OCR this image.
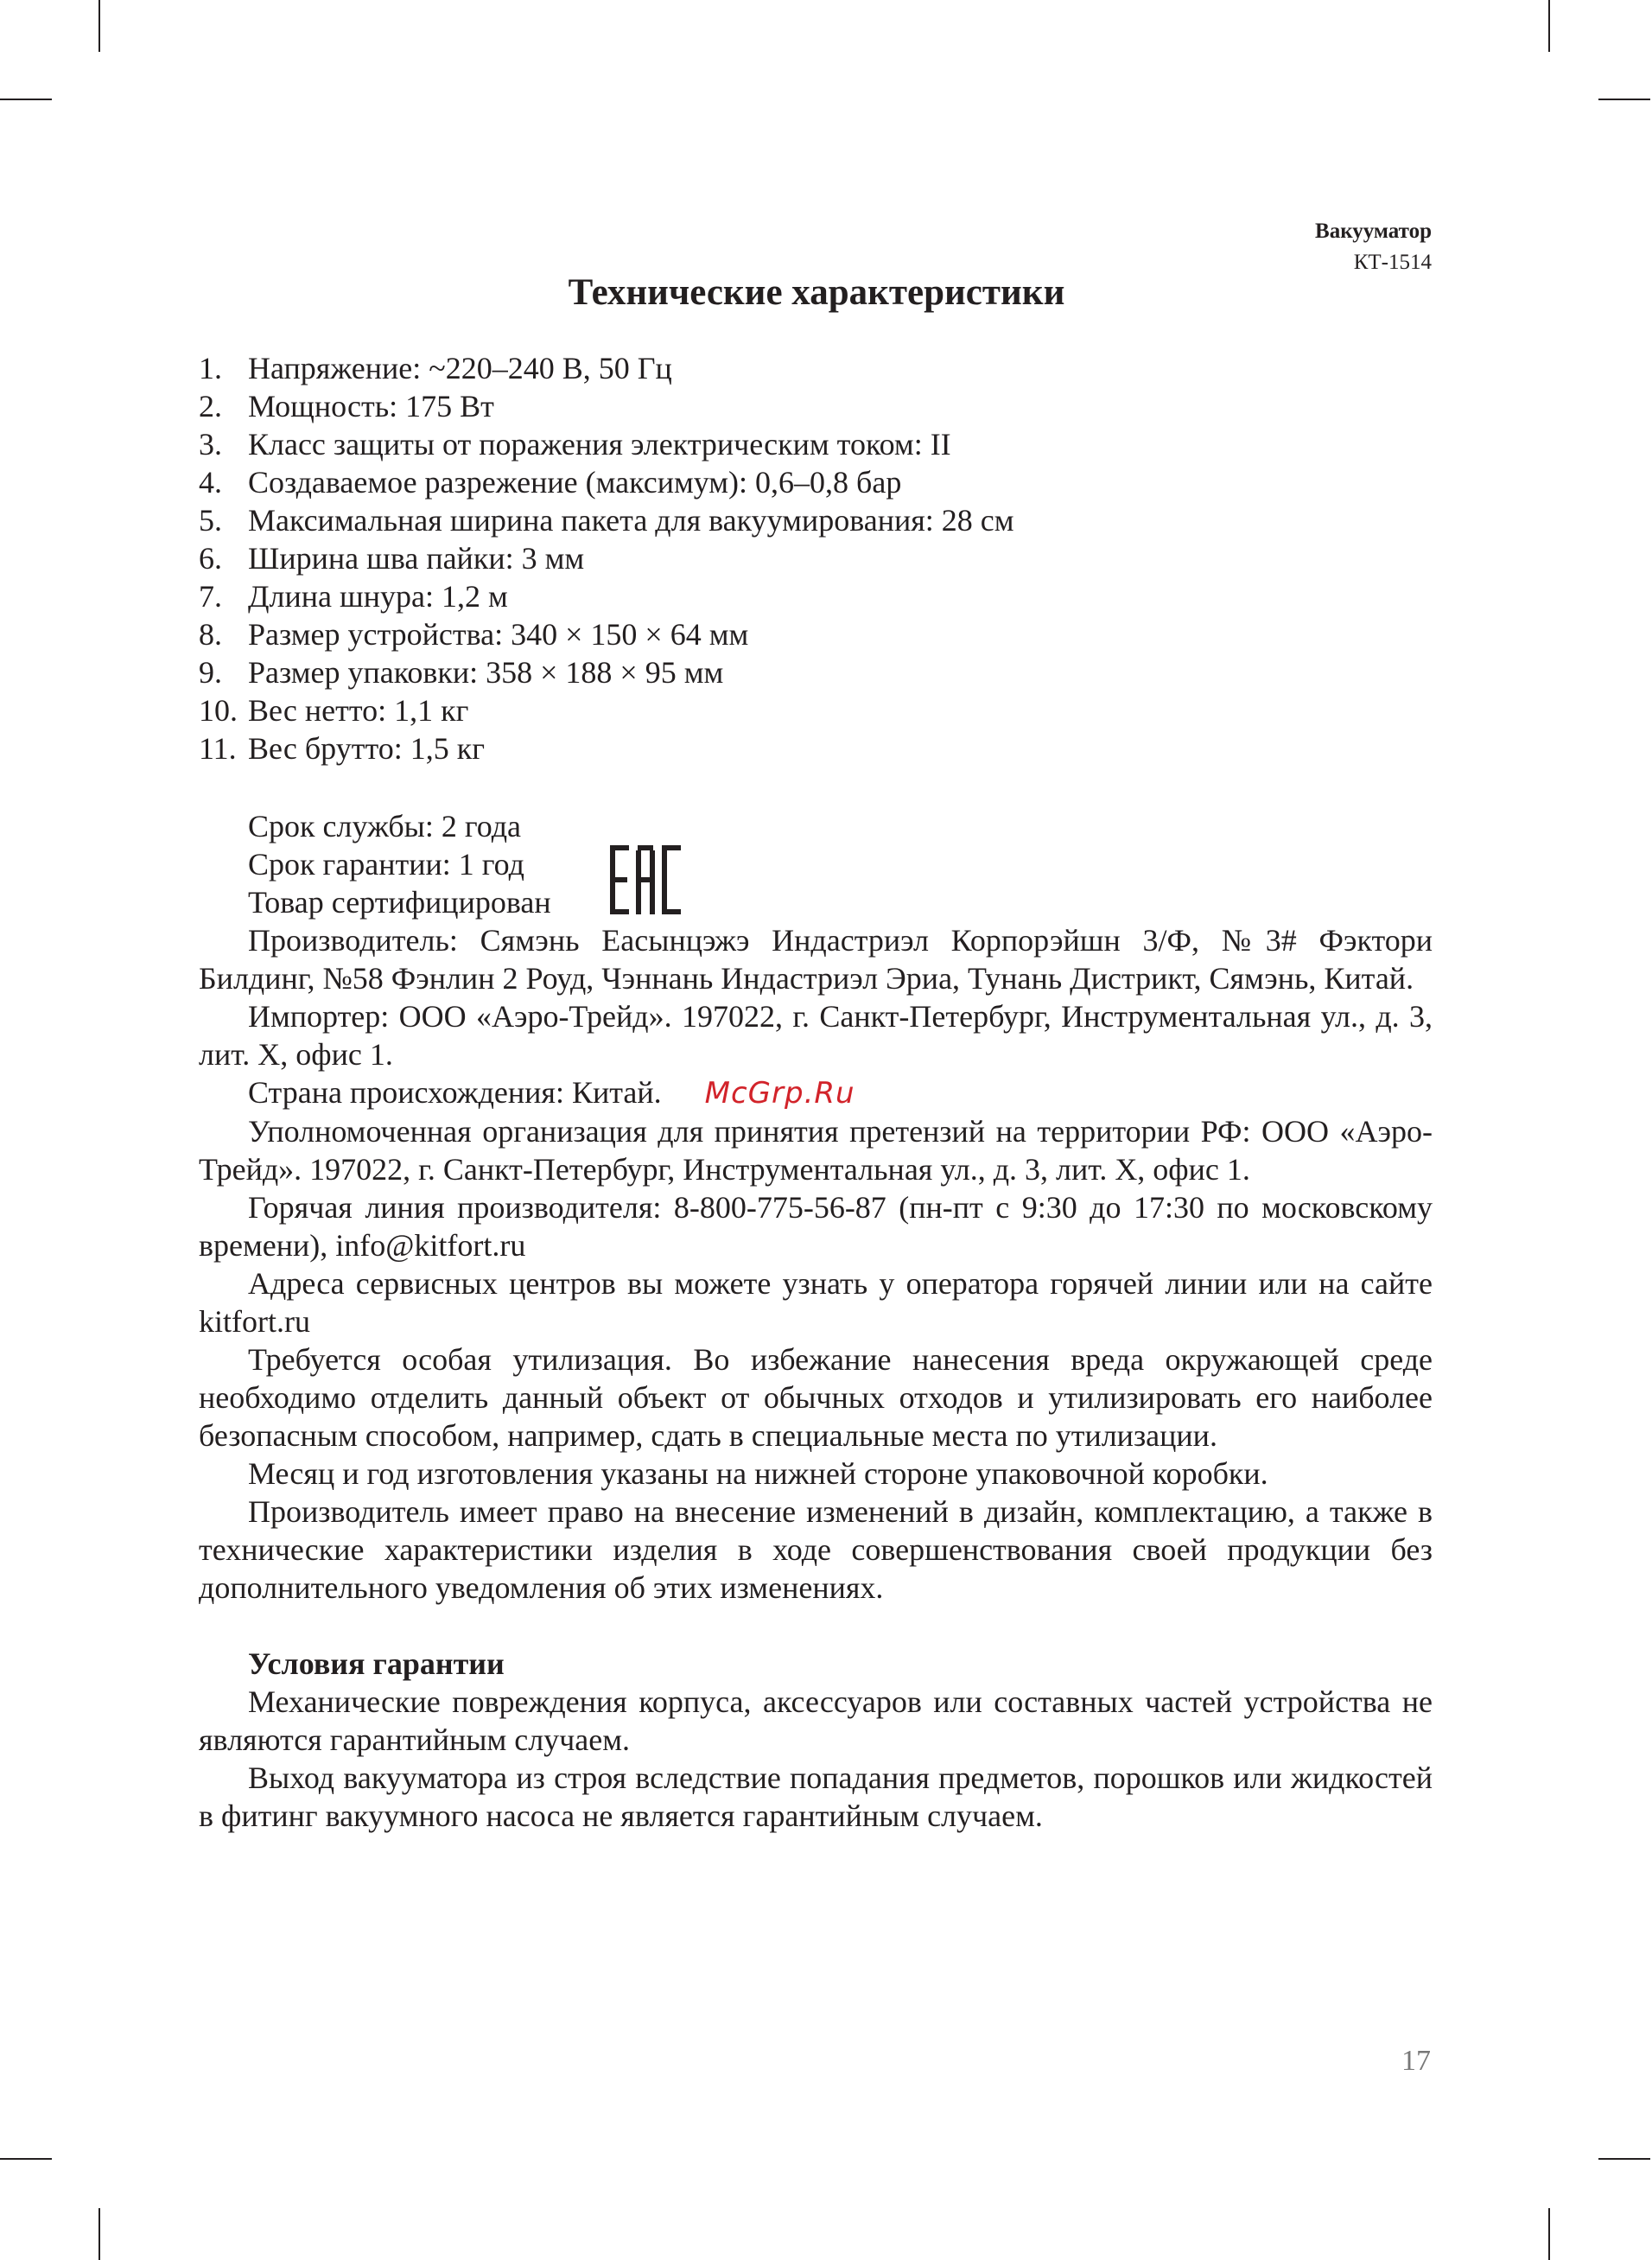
Вакууматор
КТ-1514
Технические характеристики
1. Напряжение: ~220–240 В, 50 Гц
2. Мощность: 175 Вт
3. Класс защиты от поражения электрическим током: II
4. Создаваемое разрежение (максимум): 0,6–0,8 бар
5. Максимальная ширина пакета для вакуумирования: 28 см
6. Ширина шва пайки: 3 мм
7. Длина шнура: 1,2 м
8. Размер устройства: 340 × 150 × 64 мм
9. Размер упаковки: 358 × 188 × 95 мм
10. Вес нетто: 1,1 кг
11. Вес брутто: 1,5 кг

Срок службы: 2 года

Срок гарантии: 1 год

Товар сертифицирован

Производитель: Сямэнь Еасынцэжэ Индастриэл Корпорэйшн 3/Ф, №3# Фэктори Билдинг, №58 Фэнлин 2 Роуд, Чэннань Индастриэл Эриа, Тунань Дистрикт, Сямэнь, Китай.

Импортер: ООО «Аэро-Трейд». 197022, г. Санкт-Петербург, Инструментальная ул., д. 3, лит. Х, офис 1.

Страна происхождения: Китай. McGrp.Ru

Уполномоченная организация для принятия претензий на территории РФ: ООО «Аэро-Трейд». 197022, г. Санкт-Петербург, Инструментальная ул., д. 3, лит. Х, офис 1.

Горячая линия производителя: 8-800-775-56-87 (пн-пт с 9:30 до 17:30 по московскому времени), info@kitfort.ru

Адреса сервисных центров вы можете узнать у оператора горячей линии или на сайте kitfort.ru

Требуется особая утилизация. Во избежание нанесения вреда окружающей среде необходимо отделить данный объект от обычных отходов и утилизировать его наиболее безопасным способом, например, сдать в специальные места по утилизации.

Месяц и год изготовления указаны на нижней стороне упаковочной коробки.

Производитель имеет право на внесение изменений в дизайн, комплектацию, а также в технические характеристики изделия в ходе совершенствования своей продукции без дополнительного уведомления об этих изменениях.

Условия гарантии

Механические повреждения корпуса, аксессуаров или составных частей устройства не являются гарантийным случаем.

Выход вакууматора из строя вследствие попадания предметов, порошков или жидкостей в фитинг вакуумного насоса не является гарантийным случаем.

17
